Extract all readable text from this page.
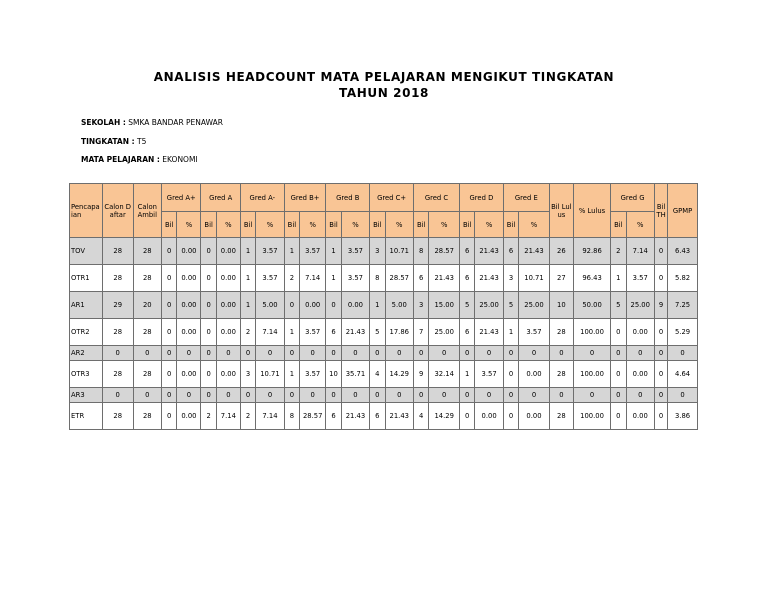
ANALISIS HEADCOUNT MATA PELAJARAN MENGIKUT TINGKATAN
TAHUN 2018
SEKOLAH : SMKA BANDAR PENAWAR
TINGKATAN : T5
MATA PELAJARAN : EKONOMI
Pencapaian	Calon Daftar	Calon Ambil	Gred A+		Gred A		Gred A-		Gred B+		Gred B		Gred C+		Gred C		Gred D		Gred E		Bil Lulus	% Lulus	Gred G		Bil TH	GPMP
			Bil	%	Bil	%	Bil	%	Bil	%	Bil	%	Bil	%	Bil	%	Bil	%	Bil	%			Bil	%		
TOV	28	28	0	0.00	0	0.00	1	3.57	1	3.57	1	3.57	3	10.71	8	28.57	6	21.43	6	21.43	26	92.86	2	7.14	0	6.43
OTR1	28	28	0	0.00	0	0.00	1	3.57	2	7.14	1	3.57	8	28.57	6	21.43	6	21.43	3	10.71	27	96.43	1	3.57	0	5.82
AR1	29	20	0	0.00	0	0.00	1	5.00	0	0.00	0	0.00	1	5.00	3	15.00	5	25.00	5	25.00	10	50.00	5	25.00	9	7.25
OTR2	28	28	0	0.00	0	0.00	2	7.14	1	3.57	6	21.43	5	17.86	7	25.00	6	21.43	1	3.57	28	100.00	0	0.00	0	5.29
AR2	0	0	0	0	0	0	0	0	0	0	0	0	0	0	0	0	0	0	0	0	0	0	0	0	0	0
OTR3	28	28	0	0.00	0	0.00	3	10.71	1	3.57	10	35.71	4	14.29	9	32.14	1	3.57	0	0.00	28	100.00	0	0.00	0	4.64
AR3	0	0	0	0	0	0	0	0	0	0	0	0	0	0	0	0	0	0	0	0	0	0	0	0	0	0
ETR	28	28	0	0.00	2	7.14	2	7.14	8	28.57	6	21.43	6	21.43	4	14.29	0	0.00	0	0.00	28	100.00	0	0.00	0	3.86
